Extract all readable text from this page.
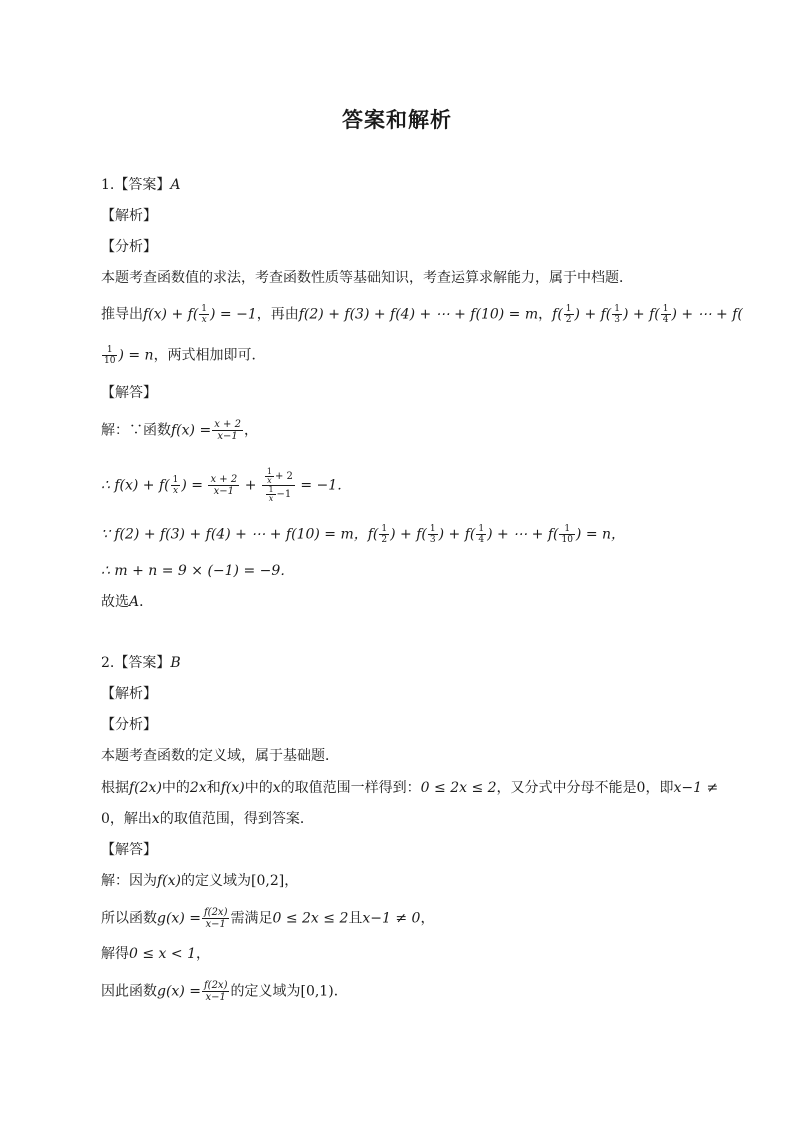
答案和解析
1.【答案】A
【解析】
【分析】
本题考查函数值的求法，考查函数性质等基础知识，考查运算求解能力，属于中档题．
推导出$f(x) + f( \frac{1}{x}$ ) = −1，再由f(2) + f(3) + f(4) + ⋯ + f(10) = m，$f( \frac{1}{2}$ ) + $f( \frac{1}{3}$ ) + $f( \frac{1}{4}$ ) + ⋯ + f(
$\frac{1}{10}$ ) = n，两式相加即可．
【解答】
解：∵函数$f(x) = \frac{x + 2}{x-1}$ ，
∴ $f(x) + f( \frac{1}{x}$ ) = $\frac{x + 2}{x-1} + \frac{\frac{1}{x} + 2}{\frac{1}{x} -1} = -1$．
∵ f(2) + f(3) + f(4) + ⋯ + f(10) = m，$f( \frac{1}{2}$ ) + $f( \frac{1}{3}$ ) + $f( \frac{1}{4}$ ) + ⋯ + $f( \frac{1}{10}$ ) = n，
∴ m + n = 9 × (−1) = −9．
故选A．
2.【答案】B
【解析】
【分析】
本题考查函数的定义域，属于基础题．
根据f(2x)中的2x和f(x)中的x的取值范围一样得到：0 ≤ 2x ≤ 2，又分式中分母不能是0，即x−1 ≠
0，解出x的取值范围，得到答案．
【解答】
解：因为f(x)的定义域为[0,2]，
所以函数$g(x) = \frac{f(2x)}{x-1}$ 需满足0 ≤ 2x ≤ 2且x−1 ≠ 0，
解得0 ≤ x < 1，
因此函数$g(x) = \frac{f(2x)}{x-1}$ 的定义域为[0,1)．
